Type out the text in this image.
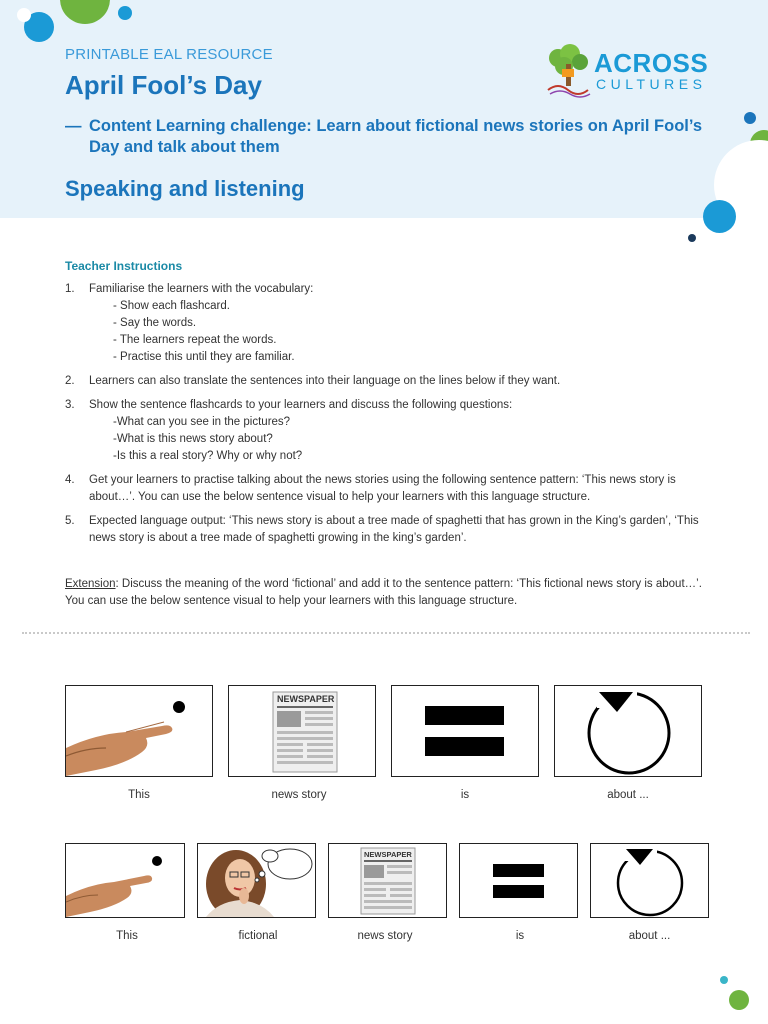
PRINTABLE EAL RESOURCE
April Fool’s Day
— Content Learning challenge: Learn about fictional news stories on April Fool’s Day and talk about them
Speaking and listening
ACROSS
CULTURES
Teacher Instructions
1. Familiarise the learners with the vocabulary:
- Show each flashcard.
- Say the words.
- The learners repeat the words.
- Practise this until they are familiar.
2. Learners can also translate the sentences into their language on the lines below if they want.
3. Show the sentence flashcards to your learners and discuss the following questions:
-What can you see in the pictures?
-What is this news story about?
-Is this a real story? Why or why not?
4. Get your learners to practise talking about the news stories using the following sentence pattern: ‘This news story is about…’. You can use the below sentence visual to help your learners with this language structure.
5. Expected language output: ‘This news story is about a tree made of spaghetti that has grown in the King’s garden’, ‘This news story is about a tree made of spaghetti growing in the king’s garden’.
Extension: Discuss the meaning of the word ‘fictional’ and add it to the sentence pattern: ‘This fictional news story is about…’. You can use the below sentence visual to help your learners with this language structure.
NEWSPAPER
This	news story	is	about ...
NEWSPAPER
This	fictional	news story	is	about ...
